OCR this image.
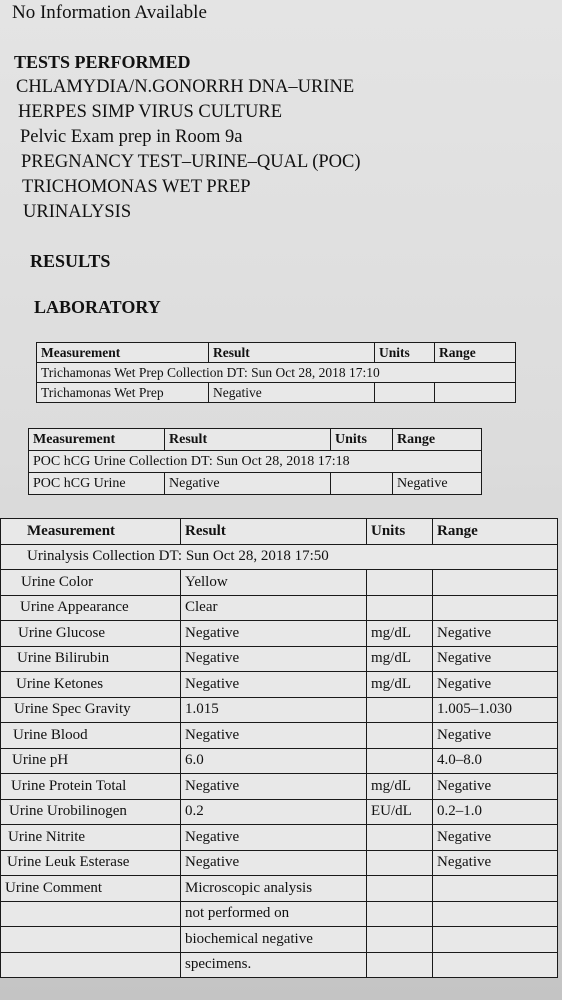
No Information Available
TESTS PERFORMED
CHLAMYDIA/N.GONORRH DNA–URINE
HERPES SIMP VIRUS CULTURE
Pelvic Exam prep in Room 9a
PREGNANCY TEST–URINE–QUAL (POC)
TRICHOMONAS WET PREP
URINALYSIS
RESULTS
LABORATORY
Measurement	Result	Units	Range
Trichamonas Wet Prep Collection DT: Sun Oct 28, 2018 17:10			
Trichamonas Wet Prep	Negative		
Measurement	Result	Units	Range
POC hCG Urine Collection DT: Sun Oct 28, 2018 17:18			
POC hCG Urine	Negative		Negative
Measurement	Result	Units	Range
Urinalysis Collection DT: Sun Oct 28, 2018 17:50			
Urine Color	Yellow		
Urine Appearance	Clear		
Urine Glucose	Negative	mg/dL	Negative
Urine Bilirubin	Negative	mg/dL	Negative
Urine Ketones	Negative	mg/dL	Negative
Urine Spec Gravity	1.015		1.005–1.030
Urine Blood	Negative		Negative
Urine pH	6.0		4.0–8.0
Urine Protein Total	Negative	mg/dL	Negative
Urine Urobilinogen	0.2	EU/dL	0.2–1.0
Urine Nitrite	Negative		Negative
Urine Leuk Esterase	Negative		Negative
Urine Comment	Microscopic analysis		
	not performed on		
	biochemical negative		
	specimens.		
